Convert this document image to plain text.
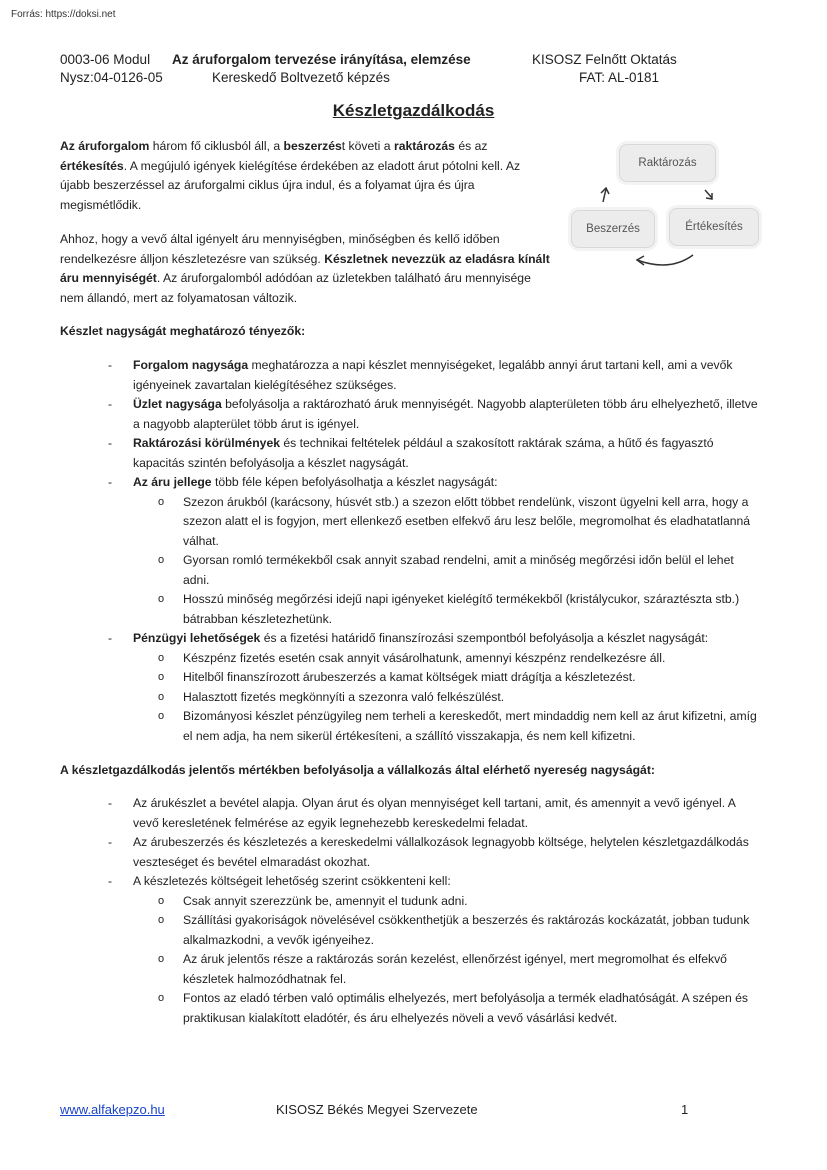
Forrás: https://doksi.net
0003-06 Modul Az áruforgalom tervezése irányítása, elemzése	KISOSZ Felnőtt Oktatás
Nysz:04-0126-05	Kereskedő Boltvezető képzés	FAT: AL-0181
Készletgazdálkodás
Az áruforgalom három fő ciklusból áll, a beszerzést követi a raktározás és az értékesítés. A megújuló igények kielégítése érdekében az eladott árut pótolni kell. Az újabb beszerzéssel az áruforgalmi ciklus újra indul, és a folyamat újra és újra megismétlődik.
Ahhoz, hogy a vevő által igényelt áru mennyiségben, minőségben és kellő időben rendelkezésre álljon készletezésre van szükség. Készletnek nevezzük az eladásra kínált áru mennyiségét. Az áruforgalomból adódóan az üzletekben található áru mennyisége nem állandó, mert az folyamatosan változik.
Raktározás
Beszerzés	Értékesítés
Készlet nagyságát meghatározó tényezők:
- Forgalom nagysága meghatározza a napi készlet mennyiségeket, legalább annyi árut tartani kell, ami a vevők igényeinek zavartalan kielégítéséhez szükséges.
- Üzlet nagysága befolyásolja a raktározható áruk mennyiségét. Nagyobb alapterületen több áru elhelyezhető, illetve a nagyobb alapterület több árut is igényel.
- Raktározási körülmények és technikai feltételek például a szakosított raktárak száma, a hűtő és fagyasztó kapacitás szintén befolyásolja a készlet nagyságát.
- Az áru jellege több féle képen befolyásolhatja a készlet nagyságát:
o Szezon árukból (karácsony, húsvét stb.) a szezon előtt többet rendelünk, viszont ügyelni kell arra, hogy a szezon alatt el is fogyjon, mert ellenkező esetben elfekvő áru lesz belőle, megromolhat és eladhatatlanná válhat.
o Gyorsan romló termékekből csak annyit szabad rendelni, amit a minőség megőrzési időn belül el lehet adni.
o Hosszú minőség megőrzési idejű napi igényeket kielégítő termékekből (kristálycukor, száraztészta stb.) bátrabban készletezhetünk.
- Pénzügyi lehetőségek és a fizetési határidő finanszírozási szempontból befolyásolja a készlet nagyságát:
o Készpénz fizetés esetén csak annyit vásárolhatunk, amennyi készpénz rendelkezésre áll.
o Hitelből finanszírozott árubeszerzés a kamat költségek miatt drágítja a készletezést.
o Halasztott fizetés megkönnyíti a szezonra való felkészülést.
o Bizományosi készlet pénzügyileg nem terheli a kereskedőt, mert mindaddig nem kell az árut kifizetni, amíg el nem adja, ha nem sikerül értékesíteni, a szállító visszakapja, és nem kell kifizetni.
A készletgazdálkodás jelentős mértékben befolyásolja a vállalkozás által elérhető nyereség nagyságát:
- Az árukészlet a bevétel alapja. Olyan árut és olyan mennyiséget kell tartani, amit, és amennyit a vevő igényel. A vevő keresletének felmérése az egyik legnehezebb kereskedelmi feladat.
- Az árubeszerzés és készletezés a kereskedelmi vállalkozások legnagyobb költsége, helytelen készletgazdálkodás veszteséget és bevétel elmaradást okozhat.
- A készletezés költségeit lehetőség szerint csökkenteni kell:
o Csak annyit szerezzünk be, amennyit el tudunk adni.
o Szállítási gyakoriságok növelésével csökkenthetjük a beszerzés és raktározás kockázatát, jobban tudunk alkalmazkodni, a vevők igényeihez.
o Az áruk jelentős része a raktározás során kezelést, ellenőrzést igényel, mert megromolhat és elfekvő készletek halmozódhatnak fel.
o Fontos az eladó térben való optimális elhelyezés, mert befolyásolja a termék eladhatóságát. A szépen és praktikusan kialakított eladótér, és áru elhelyezés növeli a vevő vásárlási kedvét.
www.alfakepzo.hu	KISOSZ Békés Megyei Szervezete	1
